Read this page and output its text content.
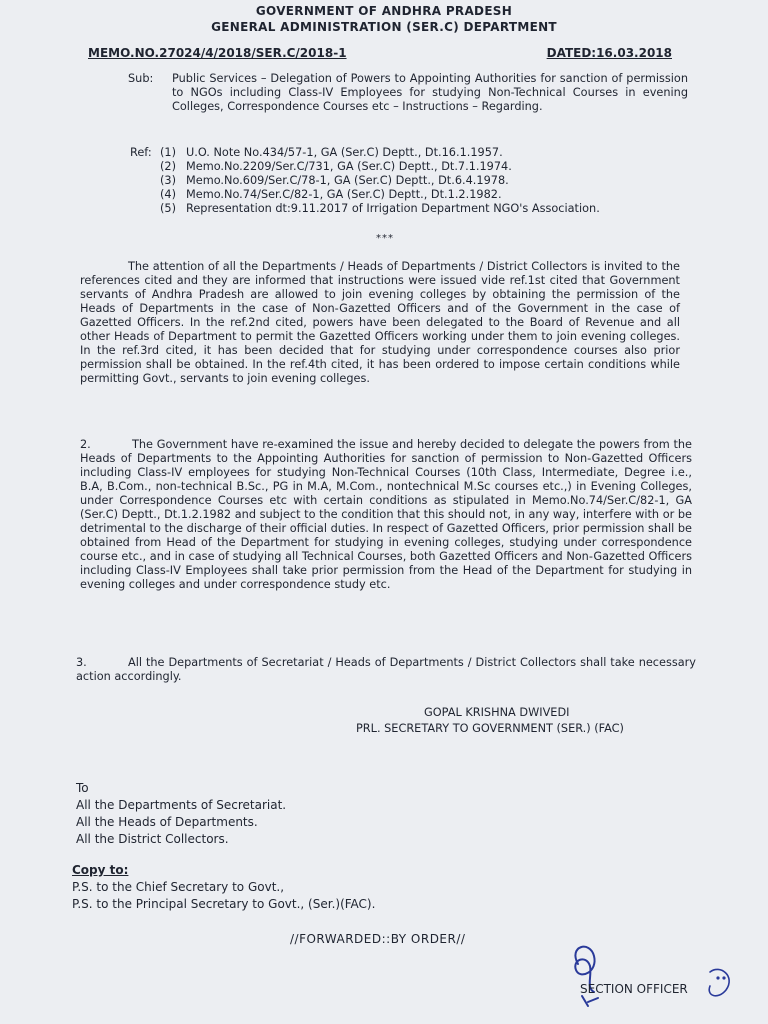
GOVERNMENT OF ANDHRA PRADESH
GENERAL ADMINISTRATION (SER.C) DEPARTMENT
MEMO.NO.27024/4/2018/SER.C/2018-1	DATED:16.03.2018
Sub: Public Services – Delegation of Powers to Appointing Authorities for sanction of permission to NGOs including Class-IV Employees for studying Non-Technical Courses in evening Colleges, Correspondence Courses etc – Instructions – Regarding.
Ref: (1) U.O. Note No.434/57-1, GA (Ser.C) Deptt., Dt.16.1.1957.
(2) Memo.No.2209/Ser.C/731, GA (Ser.C) Deptt., Dt.7.1.1974.
(3) Memo.No.609/Ser.C/78-1, GA (Ser.C) Deptt., Dt.6.4.1978.
(4) Memo.No.74/Ser.C/82-1, GA (Ser.C) Deptt., Dt.1.2.1982.
(5) Representation dt:9.11.2017 of Irrigation Department NGO's Association.
***
The attention of all the Departments / Heads of Departments / District Collectors is invited to the references cited and they are informed that instructions were issued vide ref.1st cited that Government servants of Andhra Pradesh are allowed to join evening colleges by obtaining the permission of the Heads of Departments in the case of Non-Gazetted Officers and of the Government in the case of Gazetted Officers. In the ref.2nd cited, powers have been delegated to the Board of Revenue and all other Heads of Department to permit the Gazetted Officers working under them to join evening colleges. In the ref.3rd cited, it has been decided that for studying under correspondence courses also prior permission shall be obtained. In the ref.4th cited, it has been ordered to impose certain conditions while permitting Govt., servants to join evening colleges.
2.	The Government have re-examined the issue and hereby decided to delegate the powers from the Heads of Departments to the Appointing Authorities for sanction of permission to Non-Gazetted Officers including Class-IV employees for studying Non-Technical Courses (10th Class, Intermediate, Degree i.e., B.A, B.Com., non-technical B.Sc., PG in M.A, M.Com., nontechnical M.Sc courses etc.,) in Evening Colleges, under Correspondence Courses etc with certain conditions as stipulated in Memo.No.74/Ser.C/82-1, GA (Ser.C) Deptt., Dt.1.2.1982 and subject to the condition that this should not, in any way, interfere with or be detrimental to the discharge of their official duties. In respect of Gazetted Officers, prior permission shall be obtained from Head of the Department for studying in evening colleges, studying under correspondence course etc., and in case of studying all Technical Courses, both Gazetted Officers and Non-Gazetted Officers including Class-IV Employees shall take prior permission from the Head of the Department for studying in evening colleges and under correspondence study etc.
3.	All the Departments of Secretariat / Heads of Departments / District Collectors shall take necessary action accordingly.
GOPAL KRISHNA DWIVEDI
PRL. SECRETARY TO GOVERNMENT (SER.) (FAC)
To
All the Departments of Secretariat.
All the Heads of Departments.
All the District Collectors.
Copy to:
P.S. to the Chief Secretary to Govt.,
P.S. to the Principal Secretary to Govt., (Ser.)(FAC).
//FORWARDED::BY ORDER//
SECTION OFFICER
